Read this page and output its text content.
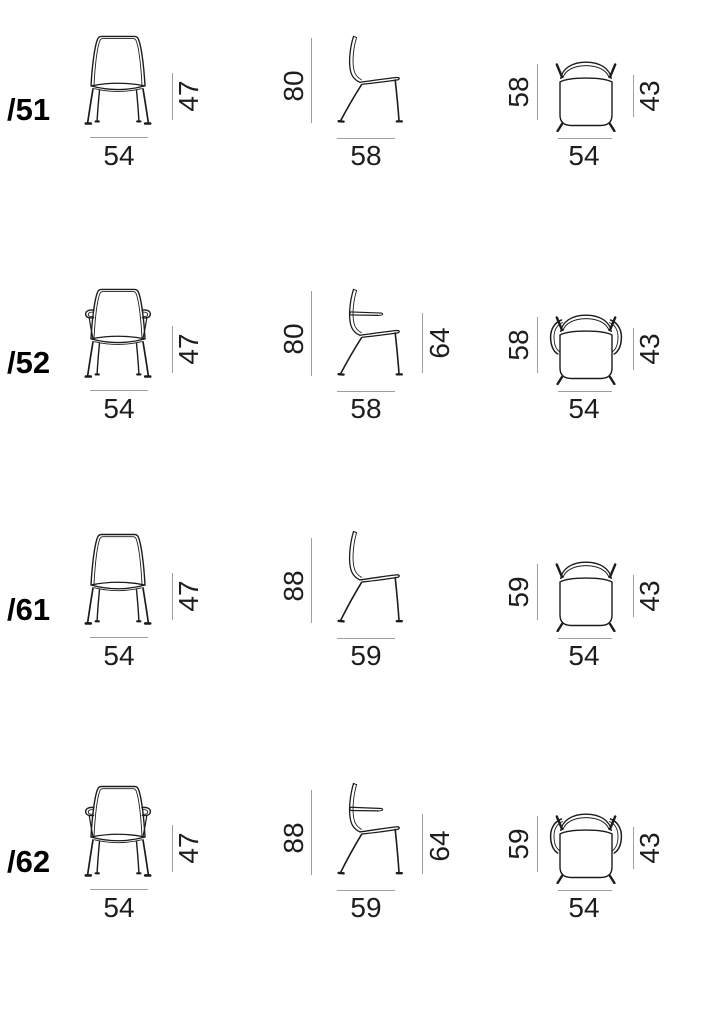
/51	47
54
80
58
58	43
54
/52	47
54
80	64
58
58	43
54
/61	47
54
88
59
59	43
54
/62	47
54
88	64
59
59	43
54
